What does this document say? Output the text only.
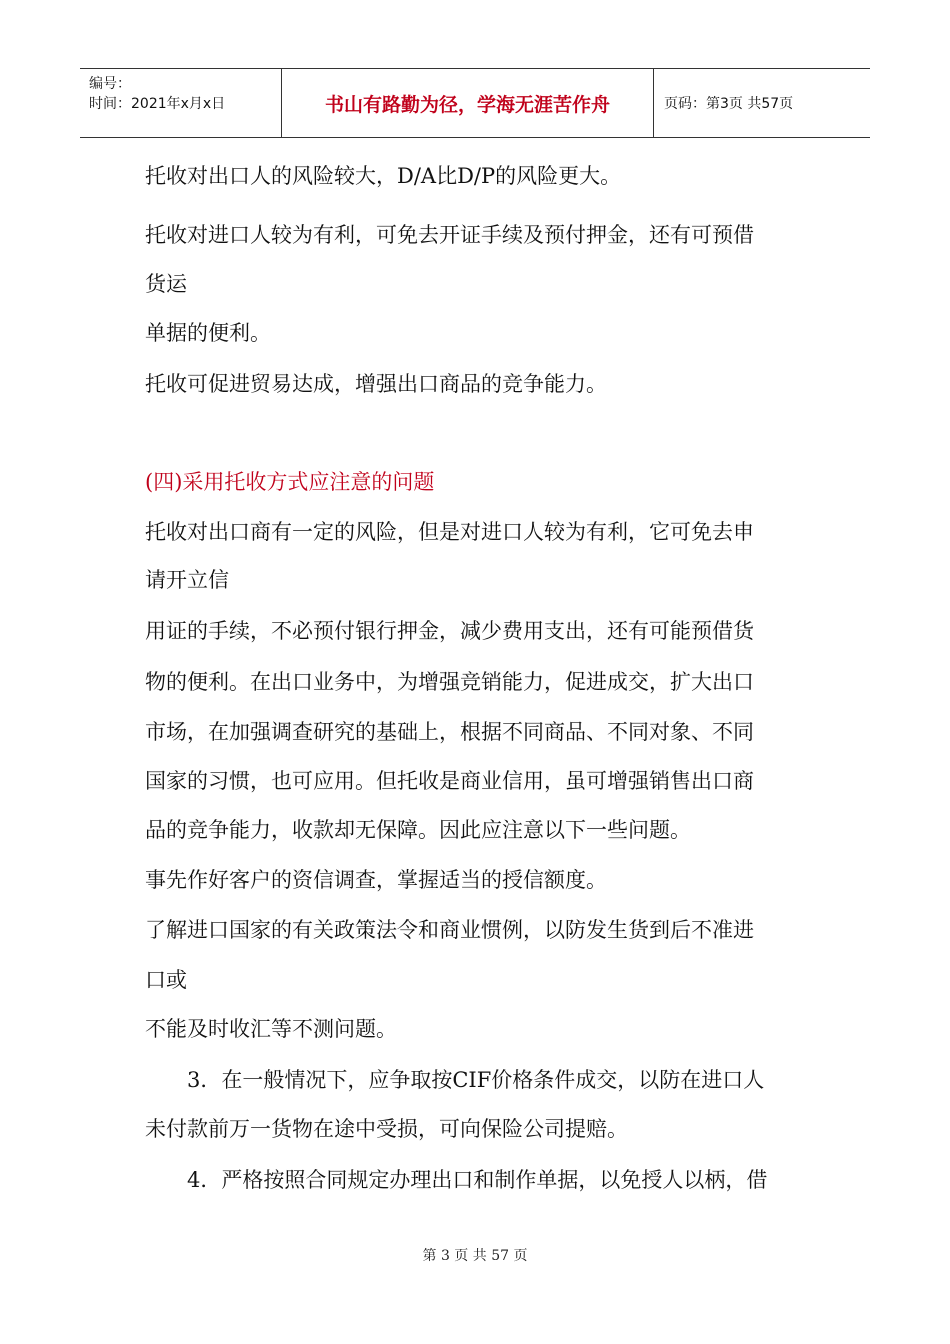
编号：
时间：2021年x月x日	书山有路勤为径，学海无涯苦作舟	页码：第3页 共57页
托收对出口人的风险较大，D/A比D/P的风险更大。
托收对进口人较为有利，可免去开证手续及预付押金，还有可预借
货运
单据的便利。
托收可促进贸易达成，增强出口商品的竞争能力。
(四)采用托收方式应注意的问题
托收对出口商有一定的风险，但是对进口人较为有利，它可免去申
请开立信
用证的手续，不必预付银行押金，减少费用支出，还有可能预借货
物的便利。在出口业务中，为增强竞销能力，促进成交，扩大出口
市场，在加强调查研究的基础上，根据不同商品、不同对象、不同
国家的习惯，也可应用。但托收是商业信用，虽可增强销售出口商
品的竞争能力，收款却无保障。因此应注意以下一些问题。
事先作好客户的资信调查，掌握适当的授信额度。
了解进口国家的有关政策法令和商业惯例，以防发生货到后不准进
口或
不能及时收汇等不测问题。
3．在一般情况下，应争取按CIF价格条件成交，以防在进口人
未付款前万一货物在途中受损，可向保险公司提赔。
4．严格按照合同规定办理出口和制作单据，以免授人以柄，借
第 3 页 共 57 页
